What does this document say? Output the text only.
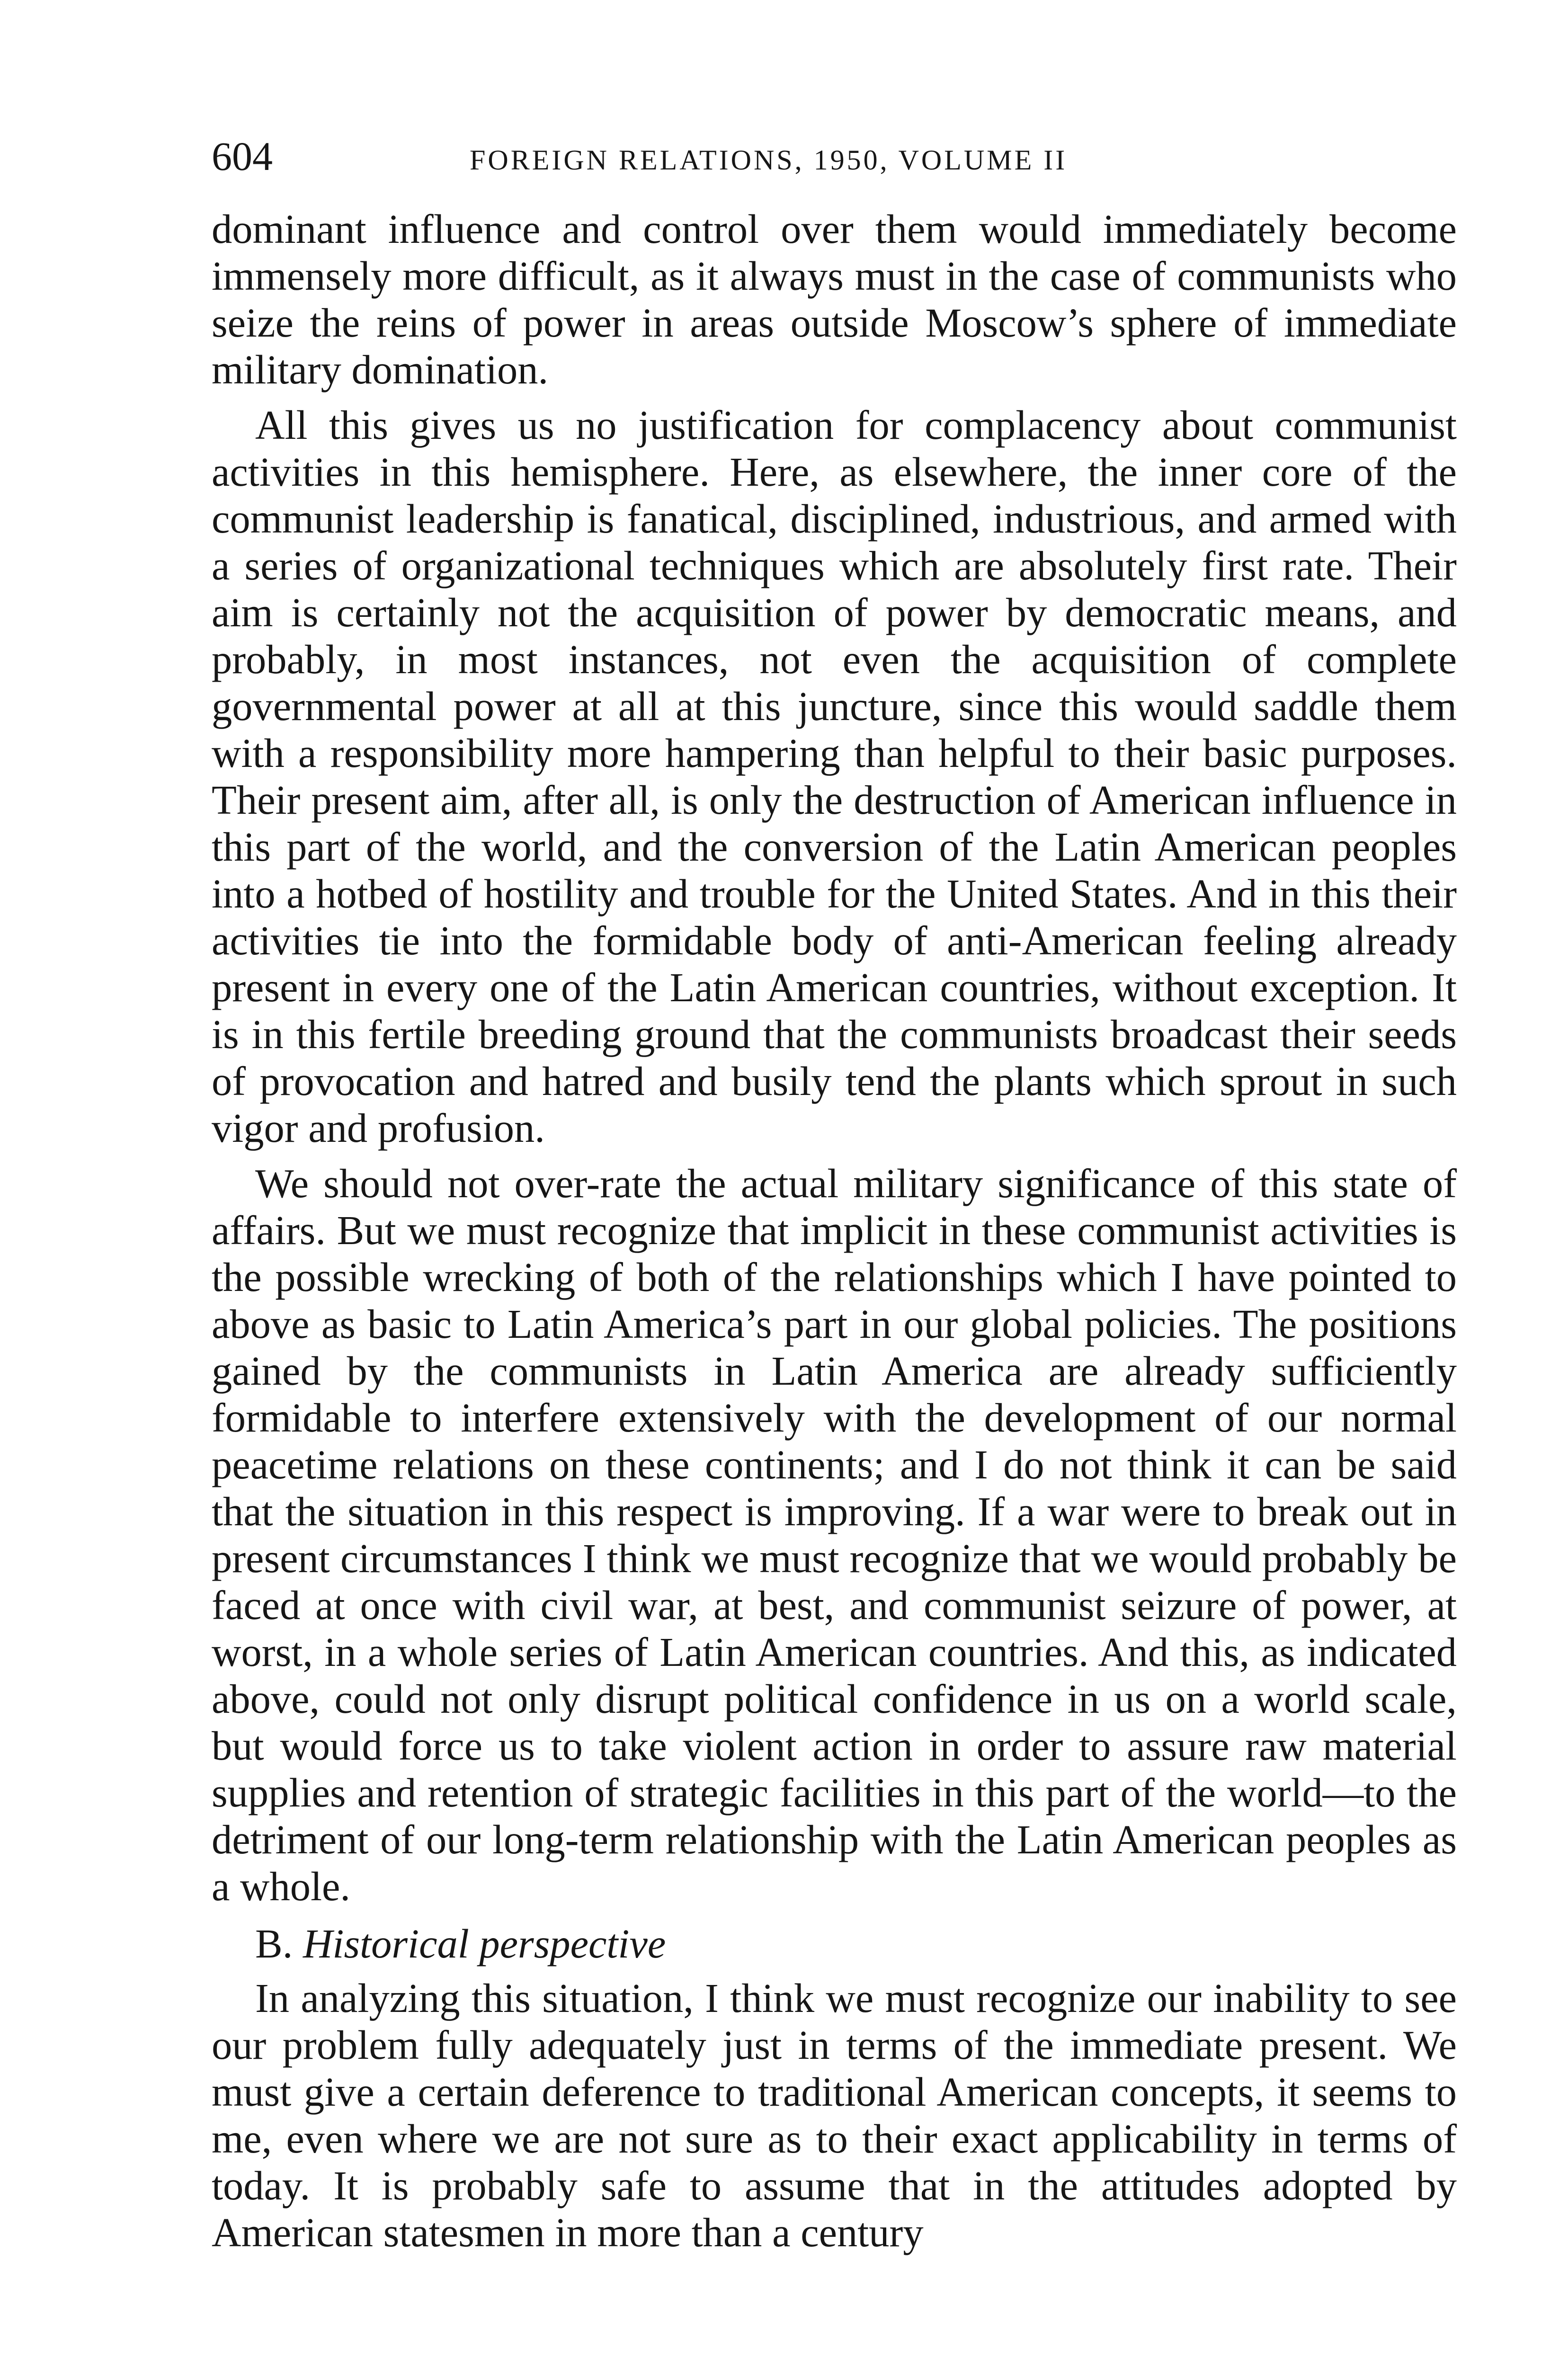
604	FOREIGN RELATIONS, 1950, VOLUME II

dominant influence and control over them would immediately become immensely more difficult, as it always must in the case of communists who seize the reins of power in areas outside Moscow’s sphere of immediate military domination.

All this gives us no justification for complacency about communist activities in this hemisphere. Here, as elsewhere, the inner core of the communist leadership is fanatical, disciplined, industrious, and armed with a series of organizational techniques which are absolutely first rate. Their aim is certainly not the acquisition of power by democratic means, and probably, in most instances, not even the acquisition of complete governmental power at all at this juncture, since this would saddle them with a responsibility more hampering than helpful to their basic purposes. Their present aim, after all, is only the destruction of American influence in this part of the world, and the conversion of the Latin American peoples into a hotbed of hostility and trouble for the United States. And in this their activities tie into the formidable body of anti-American feeling already present in every one of the Latin American countries, without exception. It is in this fertile breeding ground that the communists broadcast their seeds of provocation and hatred and busily tend the plants which sprout in such vigor and profusion.

We should not over-rate the actual military significance of this state of affairs. But we must recognize that implicit in these communist activities is the possible wrecking of both of the relationships which I have pointed to above as basic to Latin America’s part in our global policies. The positions gained by the communists in Latin America are already sufficiently formidable to interfere extensively with the development of our normal peacetime relations on these continents; and I do not think it can be said that the situation in this respect is improving. If a war were to break out in present circumstances I think we must recognize that we would probably be faced at once with civil war, at best, and communist seizure of power, at worst, in a whole series of Latin American countries. And this, as indicated above, could not only disrupt political confidence in us on a world scale, but would force us to take violent action in order to assure raw material supplies and retention of strategic facilities in this part of the world—to the detriment of our long-term relationship with the Latin American peoples as a whole.

B. Historical perspective

In analyzing this situation, I think we must recognize our inability to see our problem fully adequately just in terms of the immediate present. We must give a certain deference to traditional American concepts, it seems to me, even where we are not sure as to their exact applicability in terms of today. It is probably safe to assume that in the attitudes adopted by American statesmen in more than a century
